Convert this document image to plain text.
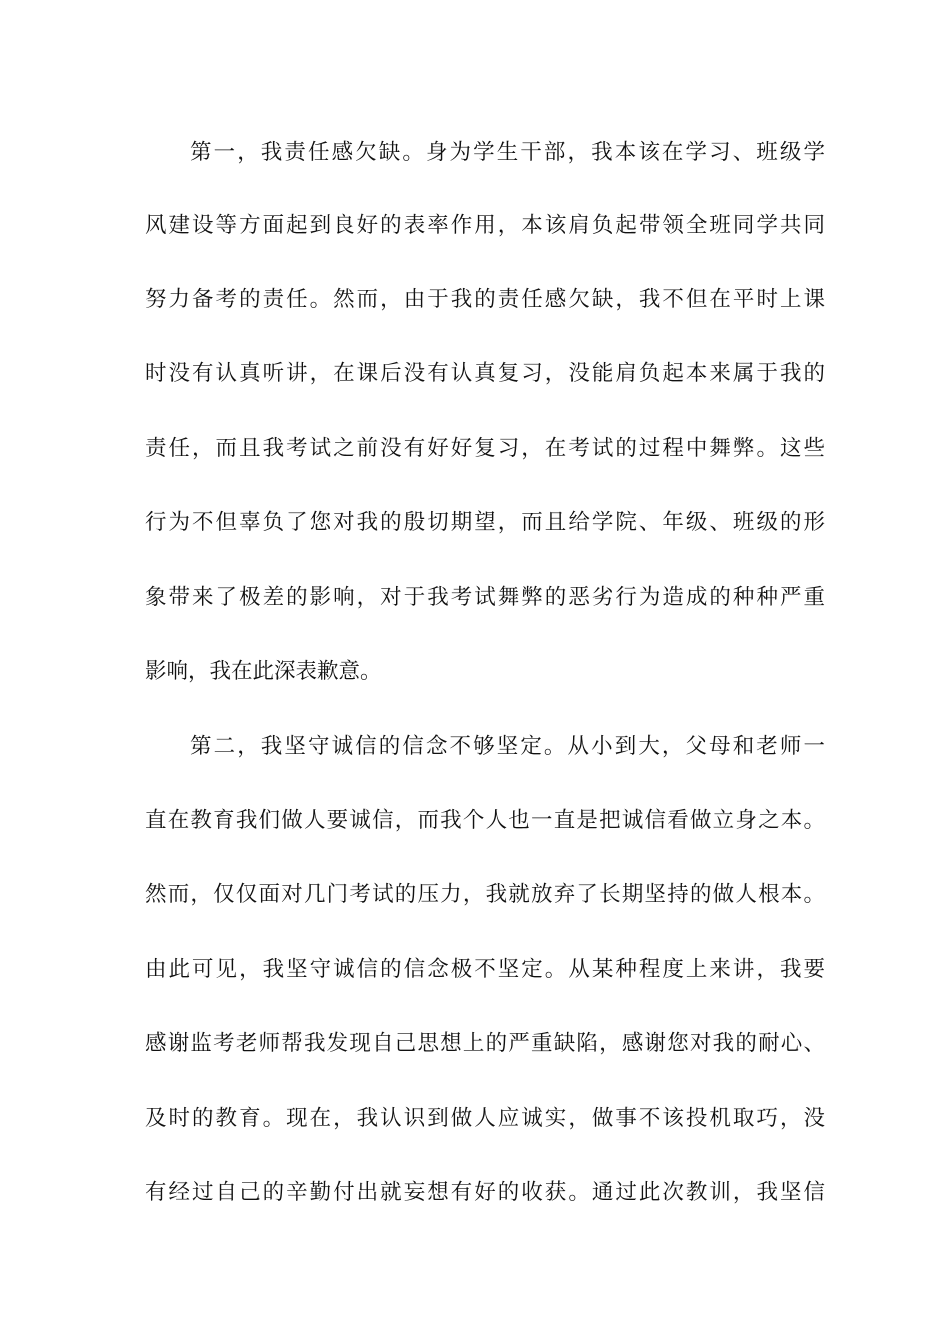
第一，我责任感欠缺。身为学生干部，我本该在学习、班级学
风建设等方面起到良好的表率作用，本该肩负起带领全班同学共同
努力备考的责任。然而，由于我的责任感欠缺，我不但在平时上课
时没有认真听讲，在课后没有认真复习，没能肩负起本来属于我的
责任，而且我考试之前没有好好复习，在考试的过程中舞弊。这些
行为不但辜负了您对我的殷切期望，而且给学院、年级、班级的形
象带来了极差的影响，对于我考试舞弊的恶劣行为造成的种种严重
影响，我在此深表歉意。
第二，我坚守诚信的信念不够坚定。从小到大，父母和老师一
直在教育我们做人要诚信，而我个人也一直是把诚信看做立身之本。
然而，仅仅面对几门考试的压力，我就放弃了长期坚持的做人根本。
由此可见，我坚守诚信的信念极不坚定。从某种程度上来讲，我要
感谢监考老师帮我发现自己思想上的严重缺陷，感谢您对我的耐心、
及时的教育。现在，我认识到做人应诚实，做事不该投机取巧，没
有经过自己的辛勤付出就妄想有好的收获。通过此次教训，我坚信
